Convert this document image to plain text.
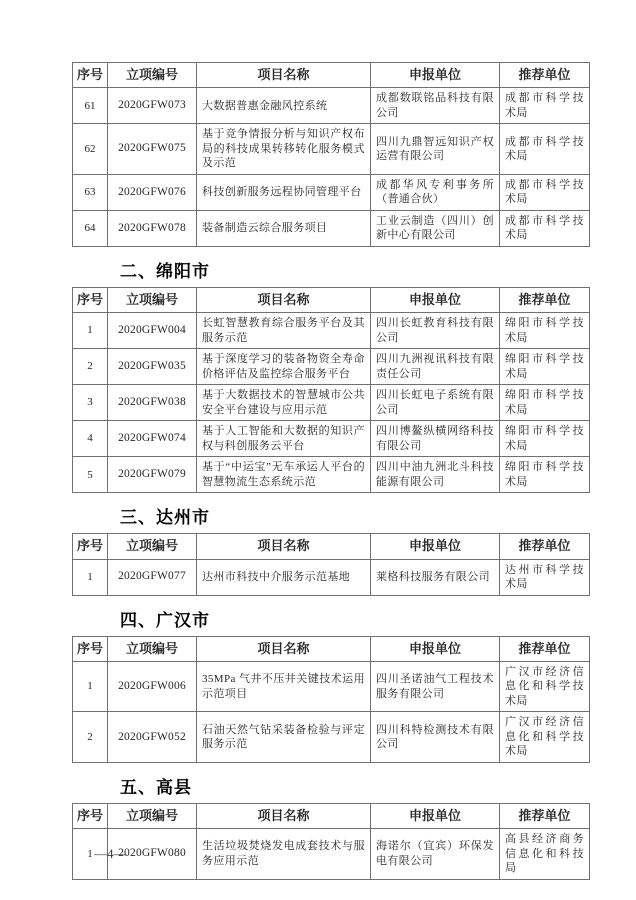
序号	立项编号	项目名称	申报单位	推荐单位
61	2020GFW073	大数据普惠金融风控系统	成都数联铭品科技有限公司	成都市科学技术局
62	2020GFW075	基于竞争情报分析与知识产权布局的科技成果转移转化服务模式及示范	四川九鼎智远知识产权运营有限公司	成都市科学技术局
63	2020GFW076	科技创新服务远程协同管理平台	成都华风专利事务所（普通合伙）	成都市科学技术局
64	2020GFW078	装备制造云综合服务项目	工业云制造（四川）创新中心有限公司	成都市科学技术局
二、绵阳市
序号	立项编号	项目名称	申报单位	推荐单位
1	2020GFW004	长虹智慧教育综合服务平台及其服务示范	四川长虹教育科技有限公司	绵阳市科学技术局
2	2020GFW035	基于深度学习的装备物资全寿命价格评估及监控综合服务平台	四川九洲视讯科技有限责任公司	绵阳市科学技术局
3	2020GFW038	基于大数据技术的智慧城市公共安全平台建设与应用示范	四川长虹电子系统有限公司	绵阳市科学技术局
4	2020GFW074	基于人工智能和大数据的知识产权与科创服务云平台	四川博鳌纵横网络科技有限公司	绵阳市科学技术局
5	2020GFW079	基于“中运宝”无车承运人平台的智慧物流生态系统示范	四川中油九洲北斗科技能源有限公司	绵阳市科学技术局
三、达州市
序号	立项编号	项目名称	申报单位	推荐单位
1	2020GFW077	达州市科技中介服务示范基地	莱格科技服务有限公司	达州市科学技术局
四、广汉市
序号	立项编号	项目名称	申报单位	推荐单位
1	2020GFW006	35MPa 气井不压井关键技术运用示范项目	四川圣诺油气工程技术服务有限公司	广汉市经济信息化和科学技术局
2	2020GFW052	石油天然气钻采装备检验与评定服务示范	四川科特检测技术有限公司	广汉市经济信息化和科学技术局
五、高县
序号	立项编号	项目名称	申报单位	推荐单位
1	2020GFW080	生活垃圾焚烧发电成套技术与服务应用示范	海诺尔（宜宾）环保发电有限公司	高县经济商务信息化和科技局
—4—
